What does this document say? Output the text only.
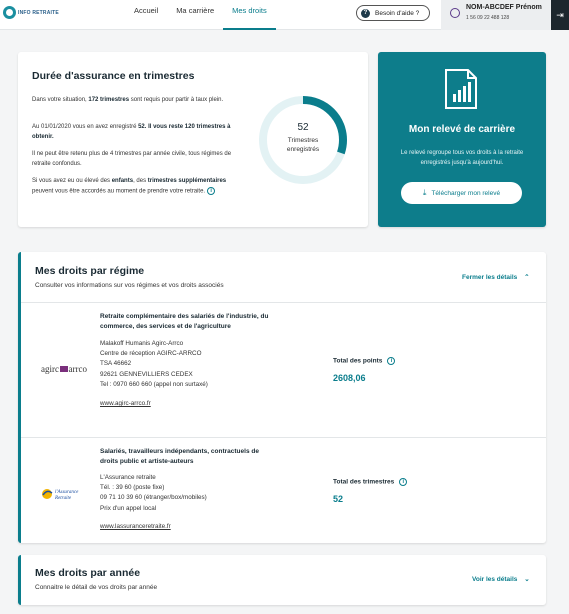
INFO RETRAITE	Accueil	Ma carrière	Mes droits	?	Besoin d'aide ?
NOM-ABCDEF Prénom
1 56 09 22 488 128	⇥
Durée d'assurance en trimestres
Dans votre situation, 172 trimestres sont requis pour partir à taux plein.
Au 01/01/2020 vous en avez enregistré 52. Il vous reste 120 trimestres à obtenir.
Il ne peut être retenu plus de 4 trimestres par année civile, tous régimes de retraite confondus.
Si vous avez eu ou élevé des enfants, des trimestres supplémentaires peuvent vous être accordés au moment de prendre votre retraite. i
52
Trimestres
enregistrés
Mon relevé de carrière
Le relevé regroupe tous vos droits à la retraite enregistrés jusqu'à aujourd'hui.
⤓ Télécharger mon relevé
Mes droits par régime
Consulter vos informations sur vos régimes et vos droits associés
Fermer les détails ⌃
agirc arrco
Retraite complémentaire des salariés de l'industrie, du
commerce, des services et de l'agriculture
Malakoff Humanis Agirc-Arrco
Centre de réception AGIRC-ARRCO
TSA 46662
92621 GENNEVILLIERS CEDEX
Tel : 0970 660 660 (appel non surtaxé)
www.agirc-arrco.fr
Total des points i
2608,06
l'Assurance
Retraite
Salariés, travailleurs indépendants, contractuels de
droits public et artiste-auteurs
L'Assurance retraite
Tél. : 39 60 (poste fixe)
09 71 10 39 60 (étranger/box/mobiles)
Prix d'un appel local
www.lassuranceretraite.fr
Total des trimestres i
52
Mes droits par année
Connaitre le détail de vos droits par année
Voir les détails ⌄
